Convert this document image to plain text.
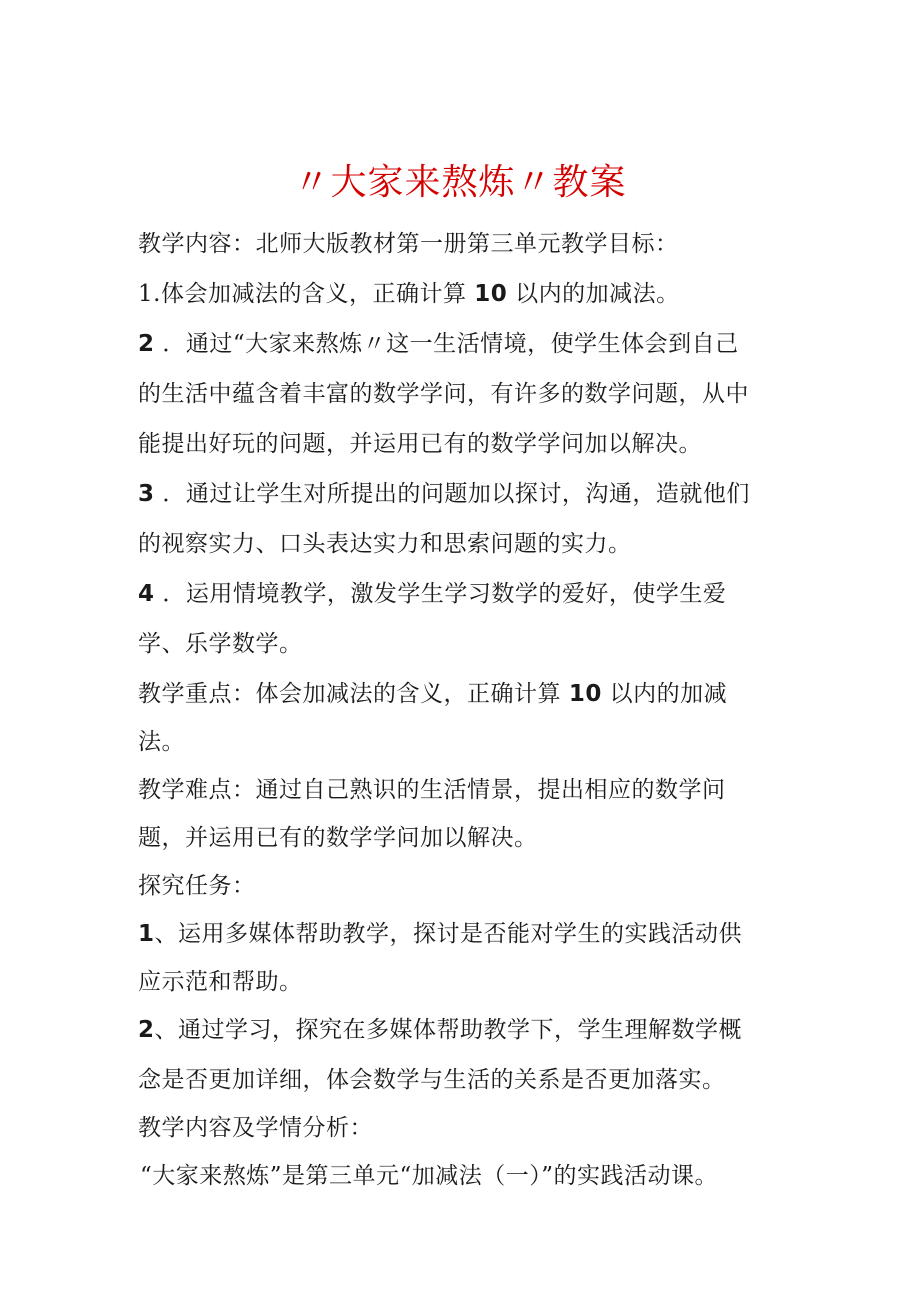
〃大家来熬炼〃教案
教学内容：北师大版教材第一册第三单元教学目标：
1.体会加减法的含义，正确计算 10 以内的加减法。
2 ．通过“大家来熬炼〃这一生活情境，使学生体会到自己
的生活中蕴含着丰富的数学学问，有许多的数学问题，从中
能提出好玩的问题，并运用已有的数学学问加以解决。
3 ．通过让学生对所提出的问题加以探讨，沟通，造就他们
的视察实力、口头表达实力和思索问题的实力。
4 ．运用情境教学，激发学生学习数学的爱好，使学生爱
学、乐学数学。
教学重点：体会加减法的含义，正确计算 10 以内的加减
法。
教学难点：通过自己熟识的生活情景，提出相应的数学问
题，并运用已有的数学学问加以解决。
探究任务：
1、运用多媒体帮助教学，探讨是否能对学生的实践活动供
应示范和帮助。
2、通过学习，探究在多媒体帮助教学下，学生理解数学概
念是否更加详细，体会数学与生活的关系是否更加落实。
教学内容及学情分析：
“大家来熬炼”是第三单元“加减法（一）”的实践活动课。
